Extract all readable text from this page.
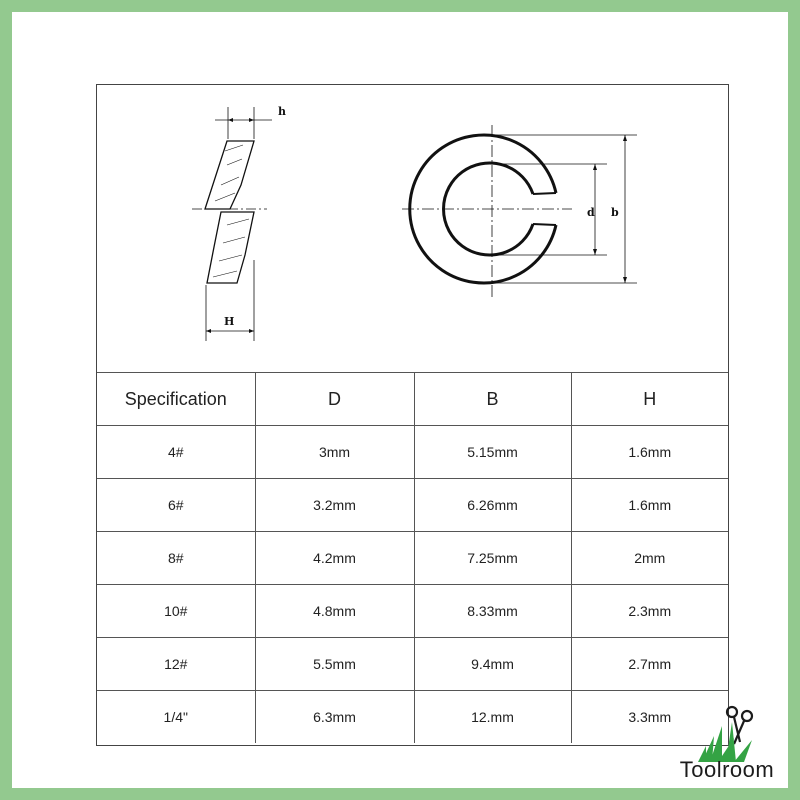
h
H
d b
Specification	D	B	H
4#	3mm	5.15mm	1.6mm
6#	3.2mm	6.26mm	1.6mm
8#	4.2mm	7.25mm	2mm
10#	4.8mm	8.33mm	2.3mm
12#	5.5mm	9.4mm	2.7mm
1/4"	6.3mm	12.mm	3.3mm
Toolroom
